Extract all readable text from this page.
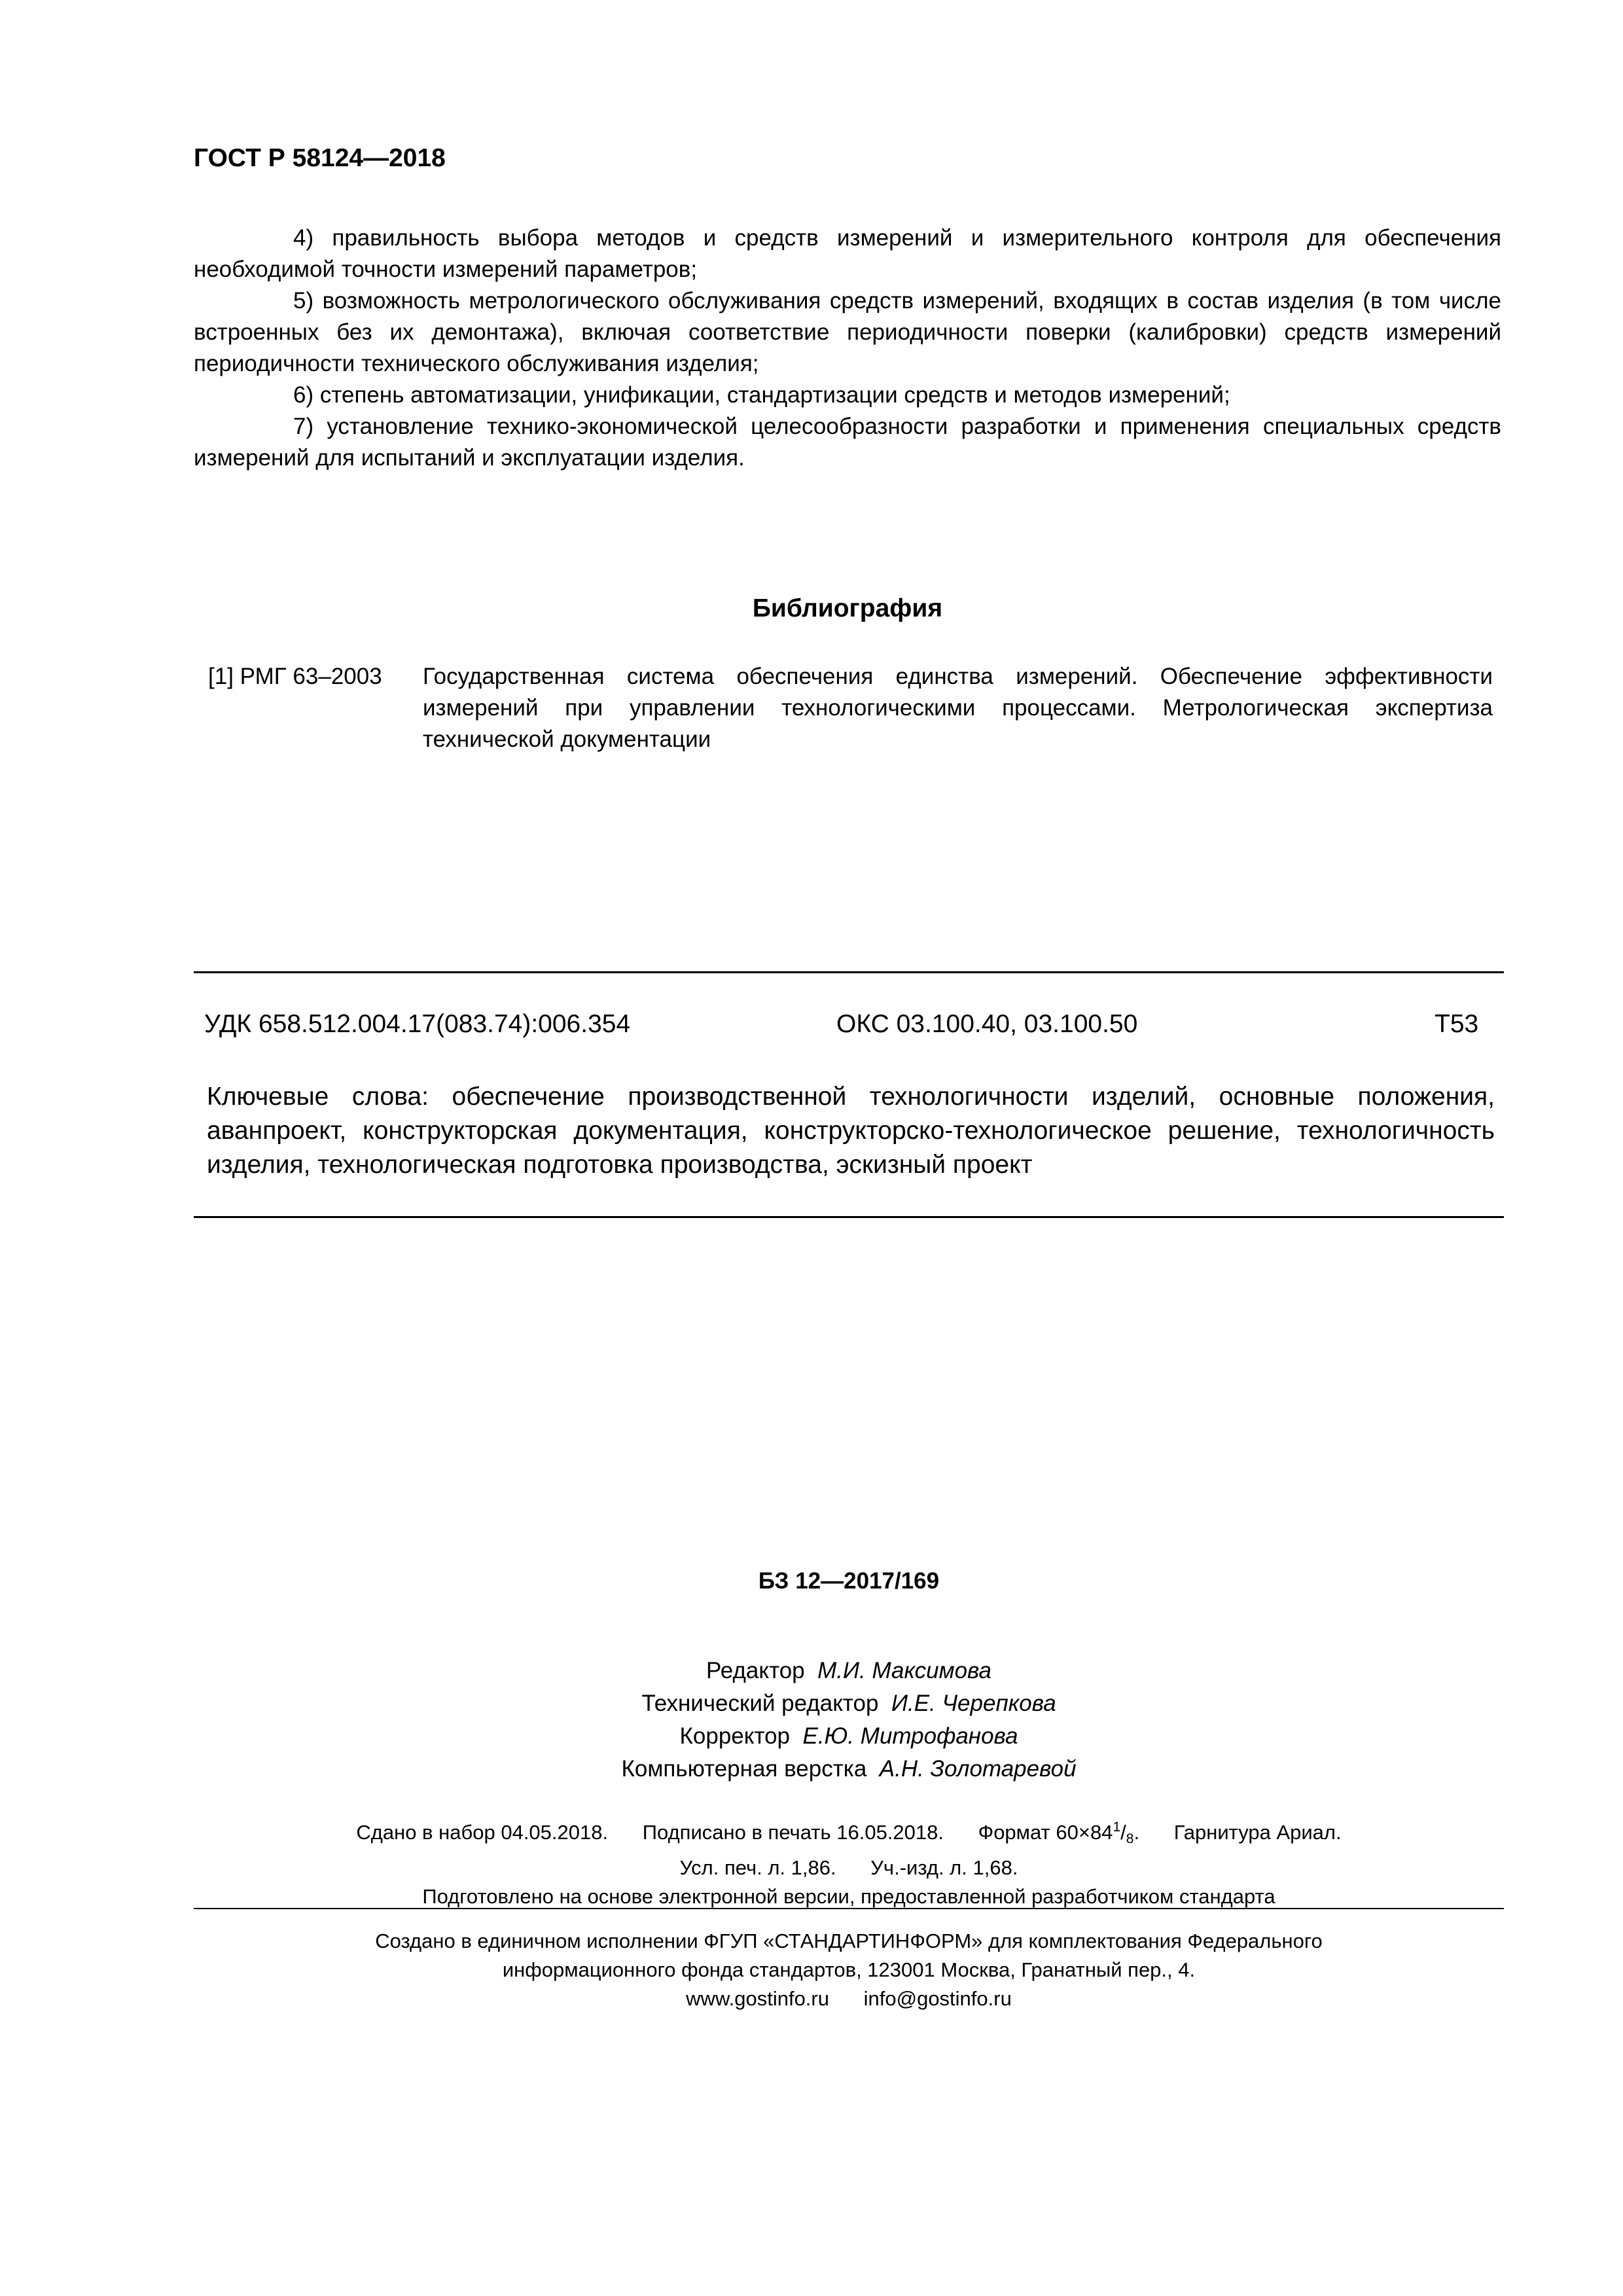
ГОСТ Р 58124—2018

4) правильность выбора методов и средств измерений и измерительного контроля для обеспечения необходимой точности измерений параметров;

5) возможность метрологического обслуживания средств измерений, входящих в состав изделия (в том числе встроенных без их демонтажа), включая соответствие периодичности поверки (калибровки) средств измерений периодичности технического обслуживания изделия;

6) степень автоматизации, унификации, стандартизации средств и методов измерений;

7) установление технико-экономической целесообразности разработки и применения специальных средств измерений для испытаний и эксплуатации изделия.

Библиография
[1] РМГ 63–2003 Государственная система обеспечения единства измерений. Обеспечение эффективности измерений при управлении технологическими процессами. Метрологическая экспертиза технической документации
УДК 658.512.004.17(083.74):006.354	ОКС 03.100.40, 03.100.50	Т53
Ключевые слова: обеспечение производственной технологичности изделий, основные положения, аванпроект, конструкторская документация, конструкторско-технологическое решение, технологичность изделия, технологическая подготовка производства, эскизный проект
БЗ 12—2017/169
Редактор М.И. Максимова
Технический редактор И.Е. Черепкова
Корректор Е.Ю. Митрофанова
Компьютерная верстка А.Н. Золотаревой
Сдано в набор 04.05.2018. Подписано в печать 16.05.2018. Формат $60\times 84^1/_8$. Гарнитура Ариал.
Усл. печ. л. 1,86. Уч.-изд. л. 1,68.
Подготовлено на основе электронной версии, предоставленной разработчиком стандарта
Создано в единичном исполнении ФГУП «СТАНДАРТИНФОРМ» для комплектования Федерального
информационного фонда стандартов, 123001 Москва, Гранатный пер., 4.
www.gostinfo.ru info@gostinfo.ru
